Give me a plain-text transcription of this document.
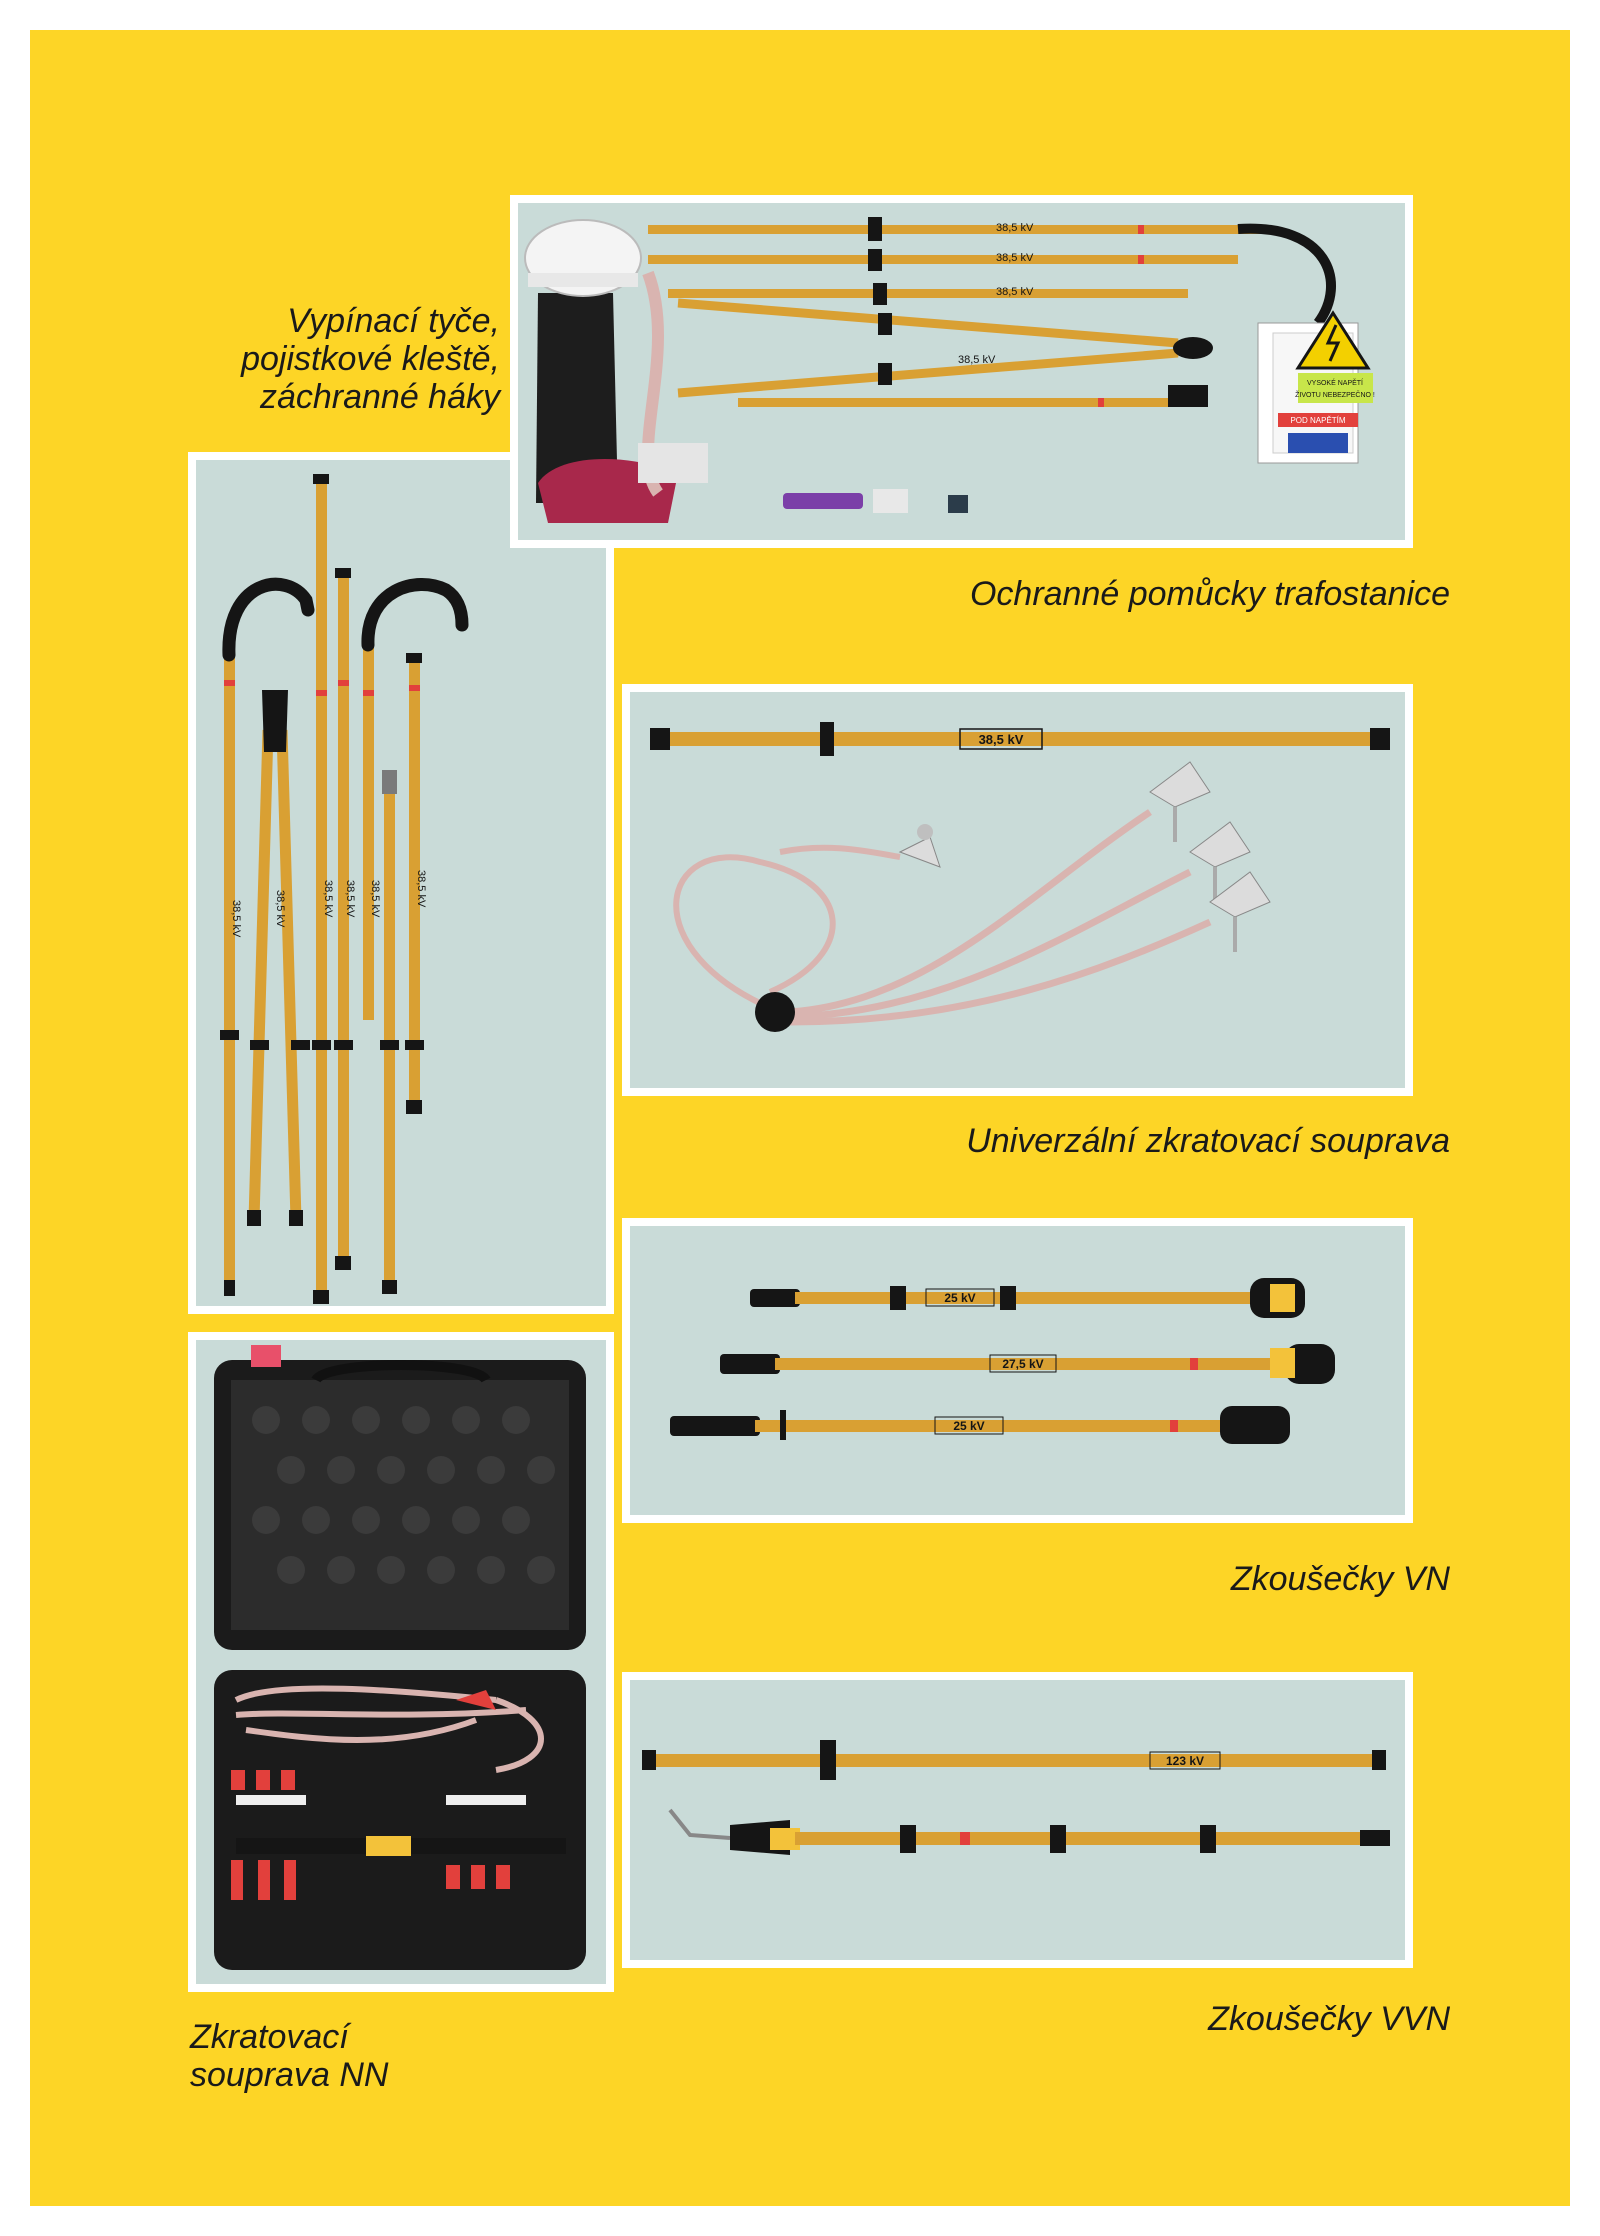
Vypínací tyče,
pojistkové kleště,
záchranné háky
38,5 kV	38,5 kV	38,5 kV 38,5 kV 38,5 kV	38,5 kV
38,5 kV
38,5 kV
38,5 kV
38,5 kV
VYSOKÉ NAPĚTÍ
ŽIVOTU NEBEZPEČNO !
POD NAPĚTÍM
Ochranné pomůcky trafostanice
38,5 kV
Univerzální zkratovací souprava
25 kV
27,5 kV
25 kV
Zkoušečky VN
123 kV
Zkoušečky VVN
Zkratovací
souprava NN
